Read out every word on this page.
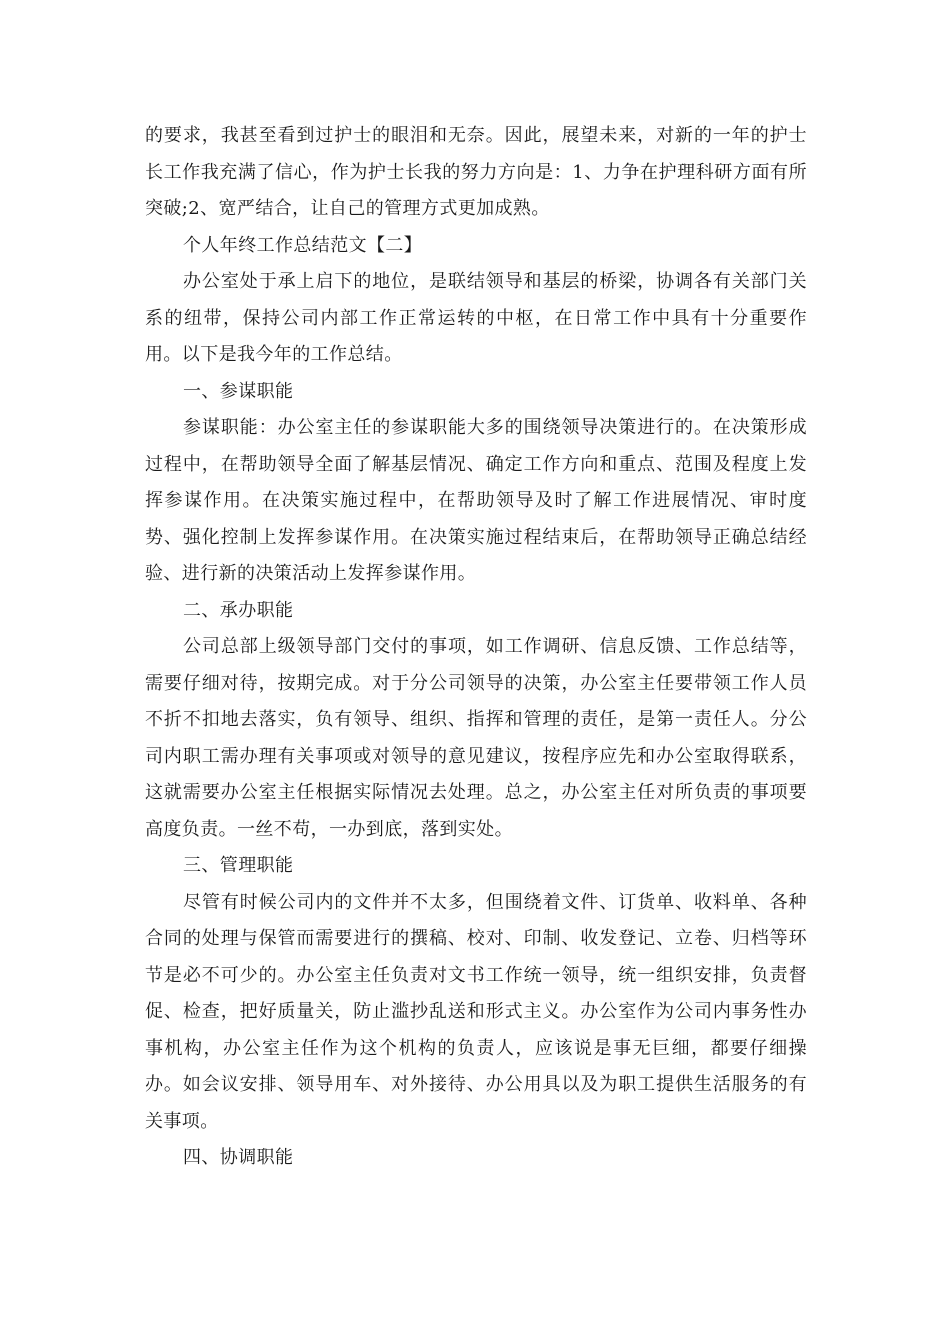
的要求，我甚至看到过护士的眼泪和无奈。因此，展望未来，对新的一年的护士长工作我充满了信心，作为护士长我的努力方向是：1、力争在护理科研方面有所突破;2、宽严结合，让自己的管理方式更加成熟。

个人年终工作总结范文【二】

办公室处于承上启下的地位，是联结领导和基层的桥梁，协调各有关部门关系的纽带，保持公司内部工作正常运转的中枢，在日常工作中具有十分重要作用。以下是我今年的工作总结。

一、参谋职能

参谋职能：办公室主任的参谋职能大多的围绕领导决策进行的。在决策形成过程中，在帮助领导全面了解基层情况、确定工作方向和重点、范围及程度上发挥参谋作用。在决策实施过程中，在帮助领导及时了解工作进展情况、审时度势、强化控制上发挥参谋作用。在决策实施过程结束后，在帮助领导正确总结经验、进行新的决策活动上发挥参谋作用。

二、承办职能

公司总部上级领导部门交付的事项，如工作调研、信息反馈、工作总结等，需要仔细对待，按期完成。对于分公司领导的决策，办公室主任要带领工作人员不折不扣地去落实，负有领导、组织、指挥和管理的责任，是第一责任人。分公司内职工需办理有关事项或对领导的意见建议，按程序应先和办公室取得联系，这就需要办公室主任根据实际情况去处理。总之，办公室主任对所负责的事项要高度负责。一丝不苟，一办到底，落到实处。

三、管理职能

尽管有时候公司内的文件并不太多，但围绕着文件、订货单、收料单、各种合同的处理与保管而需要进行的撰稿、校对、印制、收发登记、立卷、归档等环节是必不可少的。办公室主任负责对文书工作统一领导，统一组织安排，负责督促、检查，把好质量关，防止滥抄乱送和形式主义。办公室作为公司内事务性办事机构，办公室主任作为这个机构的负责人，应该说是事无巨细，都要仔细操办。如会议安排、领导用车、对外接待、办公用具以及为职工提供生活服务的有关事项。

四、协调职能
